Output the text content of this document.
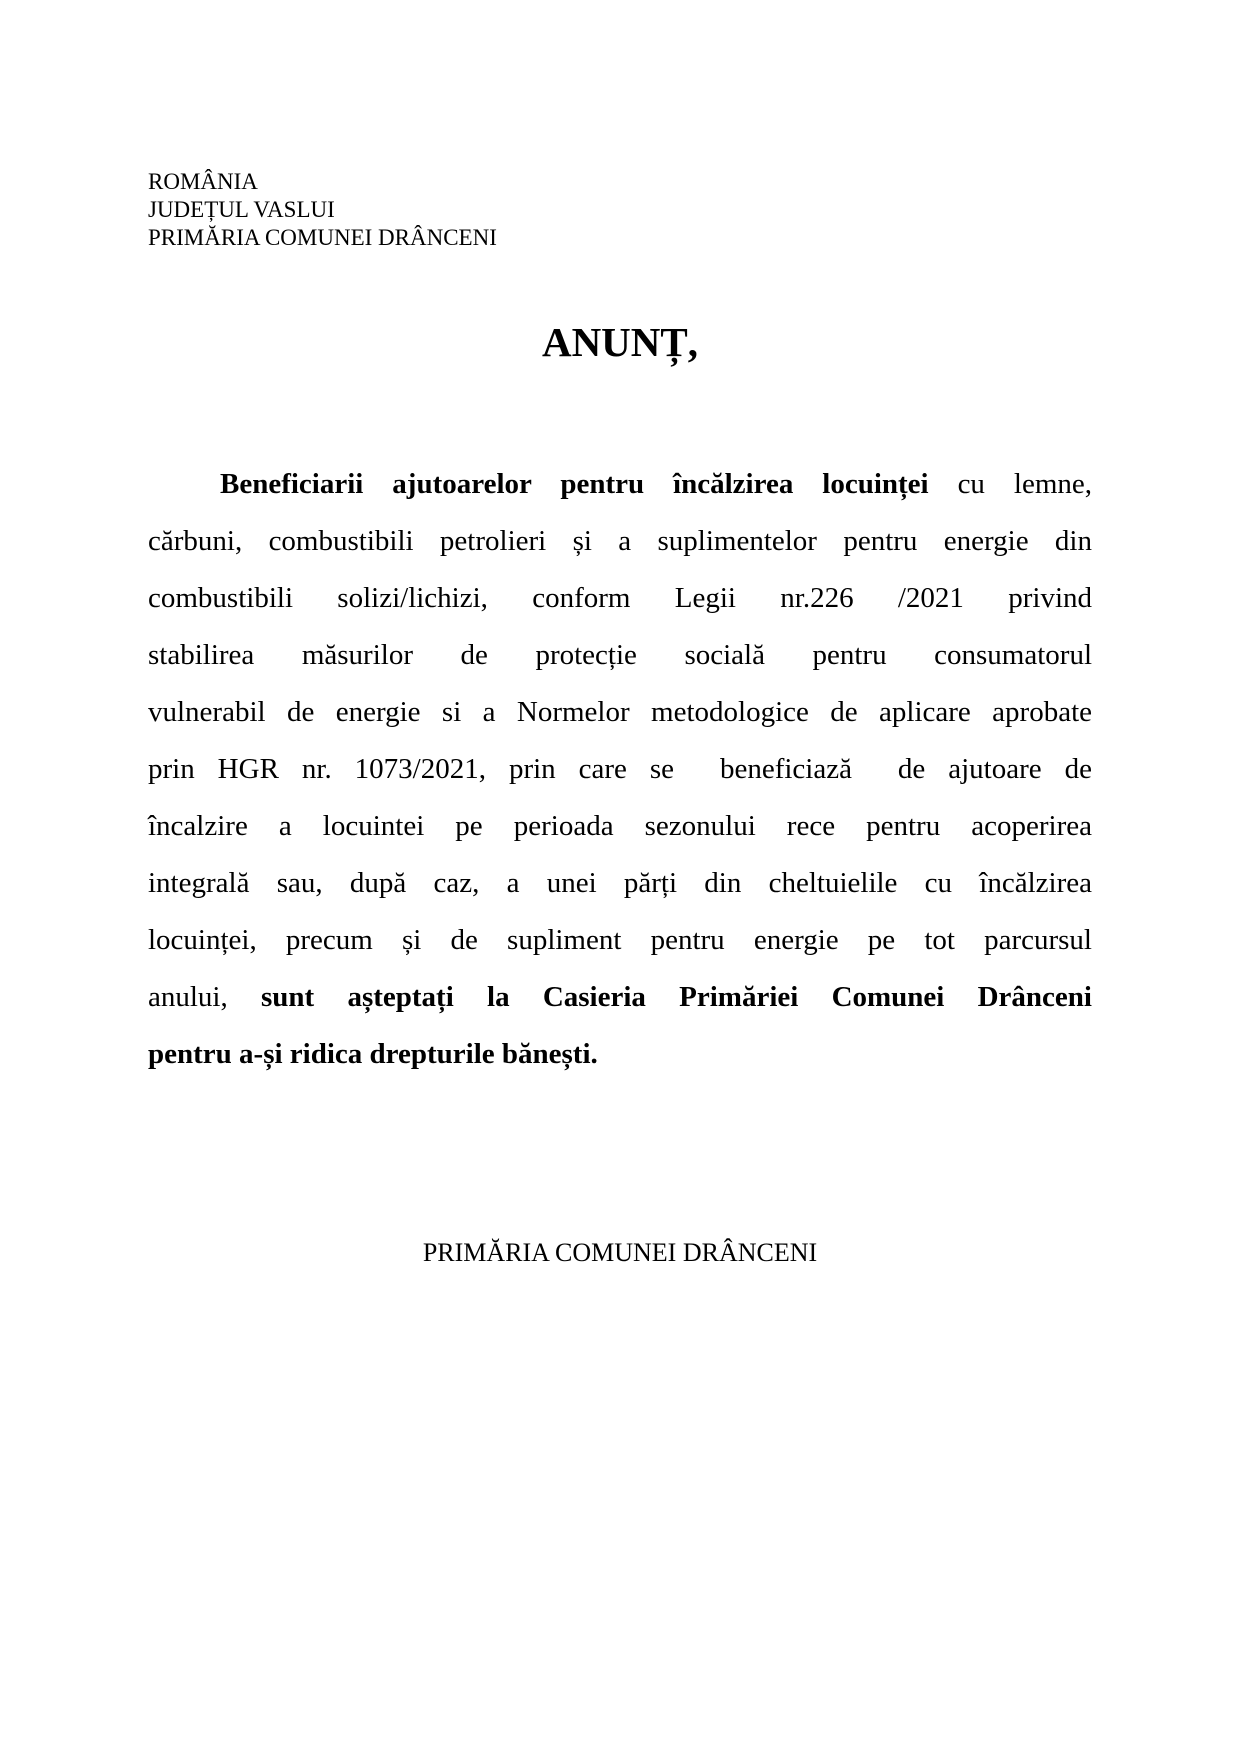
ROMÂNIA
JUDEȚUL VASLUI
PRIMĂRIA COMUNEI DRÂNCENI
ANUNȚ,
Beneficiarii ajutoarelor pentru încălzirea locuinței cu lemne,
cărbuni, combustibili petrolieri și a suplimentelor pentru energie din
combustibili solizi/lichizi, conform Legii nr.226 /2021 privind
stabilirea măsurilor de protecție socială pentru consumatorul
vulnerabil de energie si a Normelor metodologice de aplicare aprobate
prin HGR nr. 1073/2021, prin care se  beneficiază  de ajutoare de
încalzire a locuintei pe perioada sezonului rece pentru acoperirea
integrală sau, după caz, a unei părți din cheltuielile cu încălzirea
locuinței, precum și de supliment pentru energie pe tot parcursul
anului, sunt așteptați la Casieria Primăriei Comunei Drânceni
pentru a-și ridica drepturile bănești.
PRIMĂRIA COMUNEI DRÂNCENI
